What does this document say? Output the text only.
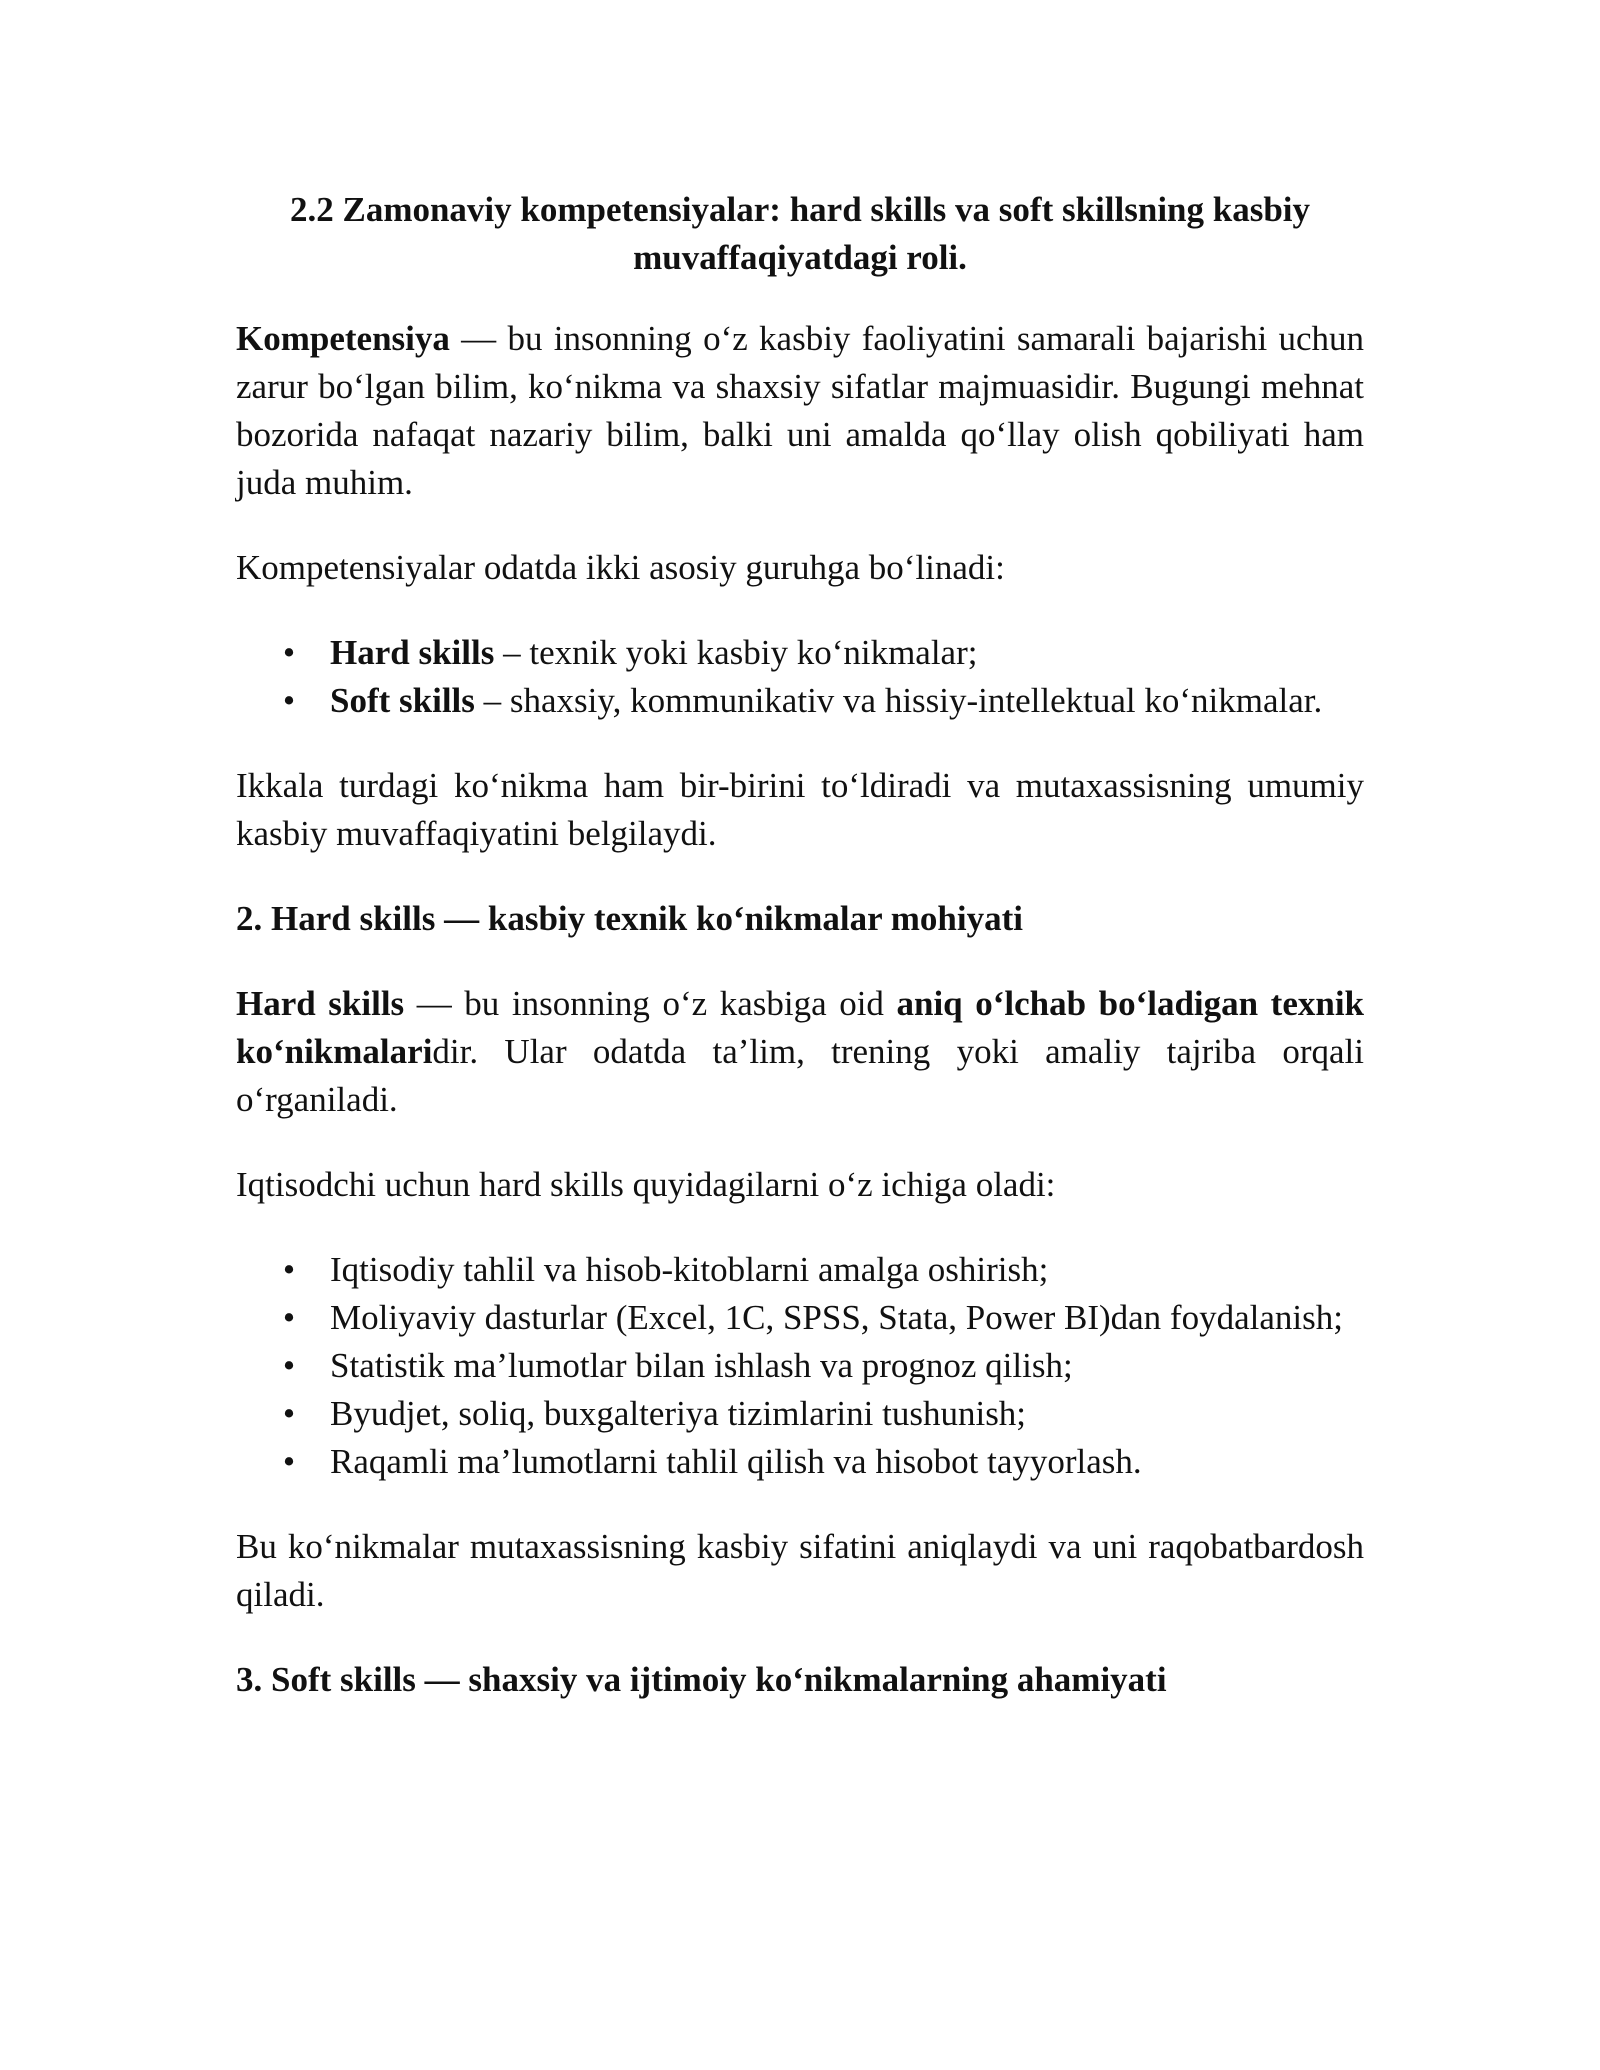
2.2 Zamonaviy kompetensiyalar: hard skills va soft skillsning kasbiy muvaffaqiyatdagi roli.

Kompetensiya — bu insonning o‘z kasbiy faoliyatini samarali bajarishi uchun zarur bo‘lgan bilim, ko‘nikma va shaxsiy sifatlar majmuasidir. Bugungi mehnat bozorida nafaqat nazariy bilim, balki uni amalda qo‘llay olish qobiliyati ham juda muhim.

Kompetensiyalar odatda ikki asosiy guruhga bo‘linadi:

• Hard skills – texnik yoki kasbiy ko‘nikmalar;
• Soft skills – shaxsiy, kommunikativ va hissiy-intellektual ko‘nikmalar.

Ikkala turdagi ko‘nikma ham bir-birini to‘ldiradi va mutaxassisning umumiy kasbiy muvaffaqiyatini belgilaydi.

2. Hard skills — kasbiy texnik ko‘nikmalar mohiyati

Hard skills — bu insonning o‘z kasbiga oid aniq o‘lchab bo‘ladigan texnik ko‘nikmalaridir. Ular odatda ta’lim, trening yoki amaliy tajriba orqali o‘rganiladi.

Iqtisodchi uchun hard skills quyidagilarni o‘z ichiga oladi:

• Iqtisodiy tahlil va hisob-kitoblarni amalga oshirish;
• Moliyaviy dasturlar (Excel, 1C, SPSS, Stata, Power BI)dan foydalanish;
• Statistik ma’lumotlar bilan ishlash va prognoz qilish;
• Byudjet, soliq, buxgalteriya tizimlarini tushunish;
• Raqamli ma’lumotlarni tahlil qilish va hisobot tayyorlash.

Bu ko‘nikmalar mutaxassisning kasbiy sifatini aniqlaydi va uni raqobatbardosh qiladi.

3. Soft skills — shaxsiy va ijtimoiy ko‘nikmalarning ahamiyati
